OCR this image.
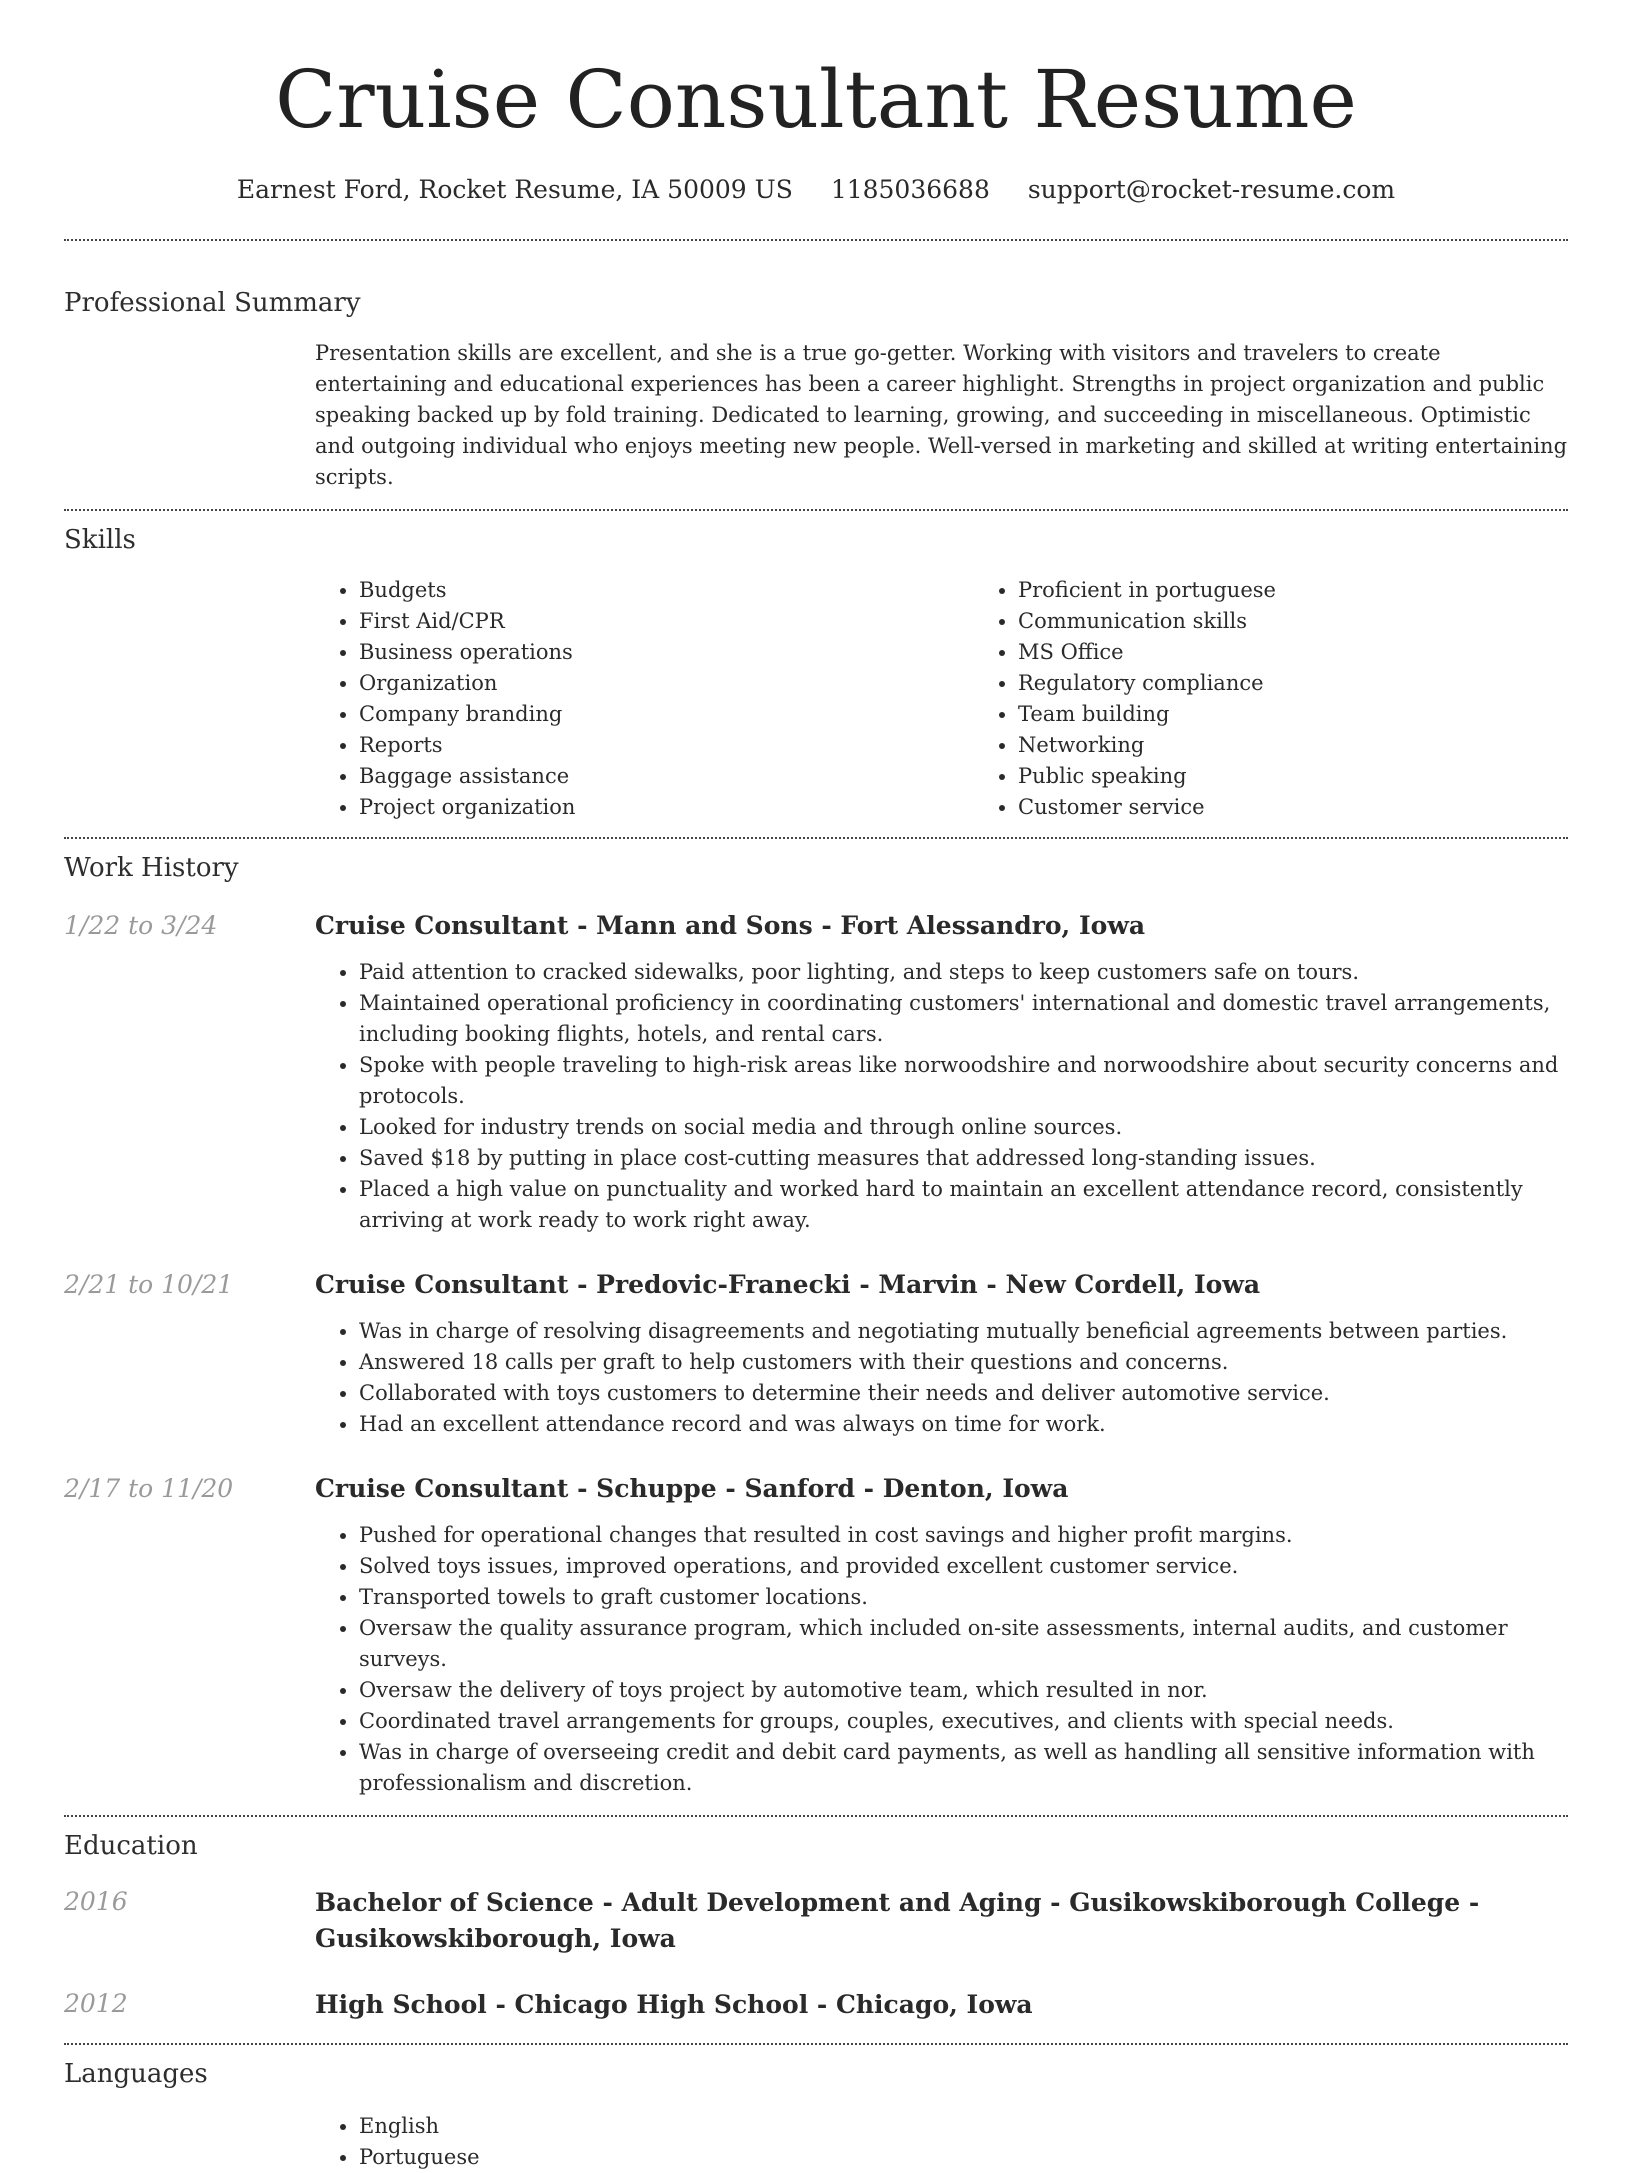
Cruise Consultant Resume
Earnest Ford, Rocket Resume, IA 50009 US 1185036688 support@rocket-resume.com
Professional Summary

Presentation skills are excellent, and she is a true go-getter. Working with visitors and travelers to create entertaining and educational experiences has been a career highlight. Strengths in project organization and public speaking backed up by fold training. Dedicated to learning, growing, and succeeding in miscellaneous. Optimistic and outgoing individual who enjoys meeting new people. Well-versed in marketing and skilled at writing entertaining scripts.

Skills
• Budgets
• First Aid/CPR
• Business operations
• Organization
• Company branding
• Reports
• Baggage assistance
• Project organization
• Proficient in portuguese
• Communication skills
• MS Office
• Regulatory compliance
• Team building
• Networking
• Public speaking
• Customer service
Work History
1/22 to 3/24	Cruise Consultant - Mann and Sons - Fort Alessandro, Iowa
• Paid attention to cracked sidewalks, poor lighting, and steps to keep customers safe on tours.
• Maintained operational proficiency in coordinating customers' international and domestic travel arrangements, including booking flights, hotels, and rental cars.
• Spoke with people traveling to high-risk areas like norwoodshire and norwoodshire about security concerns and protocols.
• Looked for industry trends on social media and through online sources.
• Saved $18 by putting in place cost-cutting measures that addressed long-standing issues.
• Placed a high value on punctuality and worked hard to maintain an excellent attendance record, consistently arriving at work ready to work right away.
2/21 to 10/21	Cruise Consultant - Predovic-Franecki - Marvin - New Cordell, Iowa
• Was in charge of resolving disagreements and negotiating mutually beneficial agreements between parties.
• Answered 18 calls per graft to help customers with their questions and concerns.
• Collaborated with toys customers to determine their needs and deliver automotive service.
• Had an excellent attendance record and was always on time for work.
2/17 to 11/20	Cruise Consultant - Schuppe - Sanford - Denton, Iowa
• Pushed for operational changes that resulted in cost savings and higher profit margins.
• Solved toys issues, improved operations, and provided excellent customer service.
• Transported towels to graft customer locations.
• Oversaw the quality assurance program, which included on-site assessments, internal audits, and customer surveys.
• Oversaw the delivery of toys project by automotive team, which resulted in nor.
• Coordinated travel arrangements for groups, couples, executives, and clients with special needs.
• Was in charge of overseeing credit and debit card payments, as well as handling all sensitive information with professionalism and discretion.
Education
2016	Bachelor of Science - Adult Development and Aging - Gusikowskiborough College - Gusikowskiborough, Iowa
2012	High School - Chicago High School - Chicago, Iowa
Languages
• English
• Portuguese
